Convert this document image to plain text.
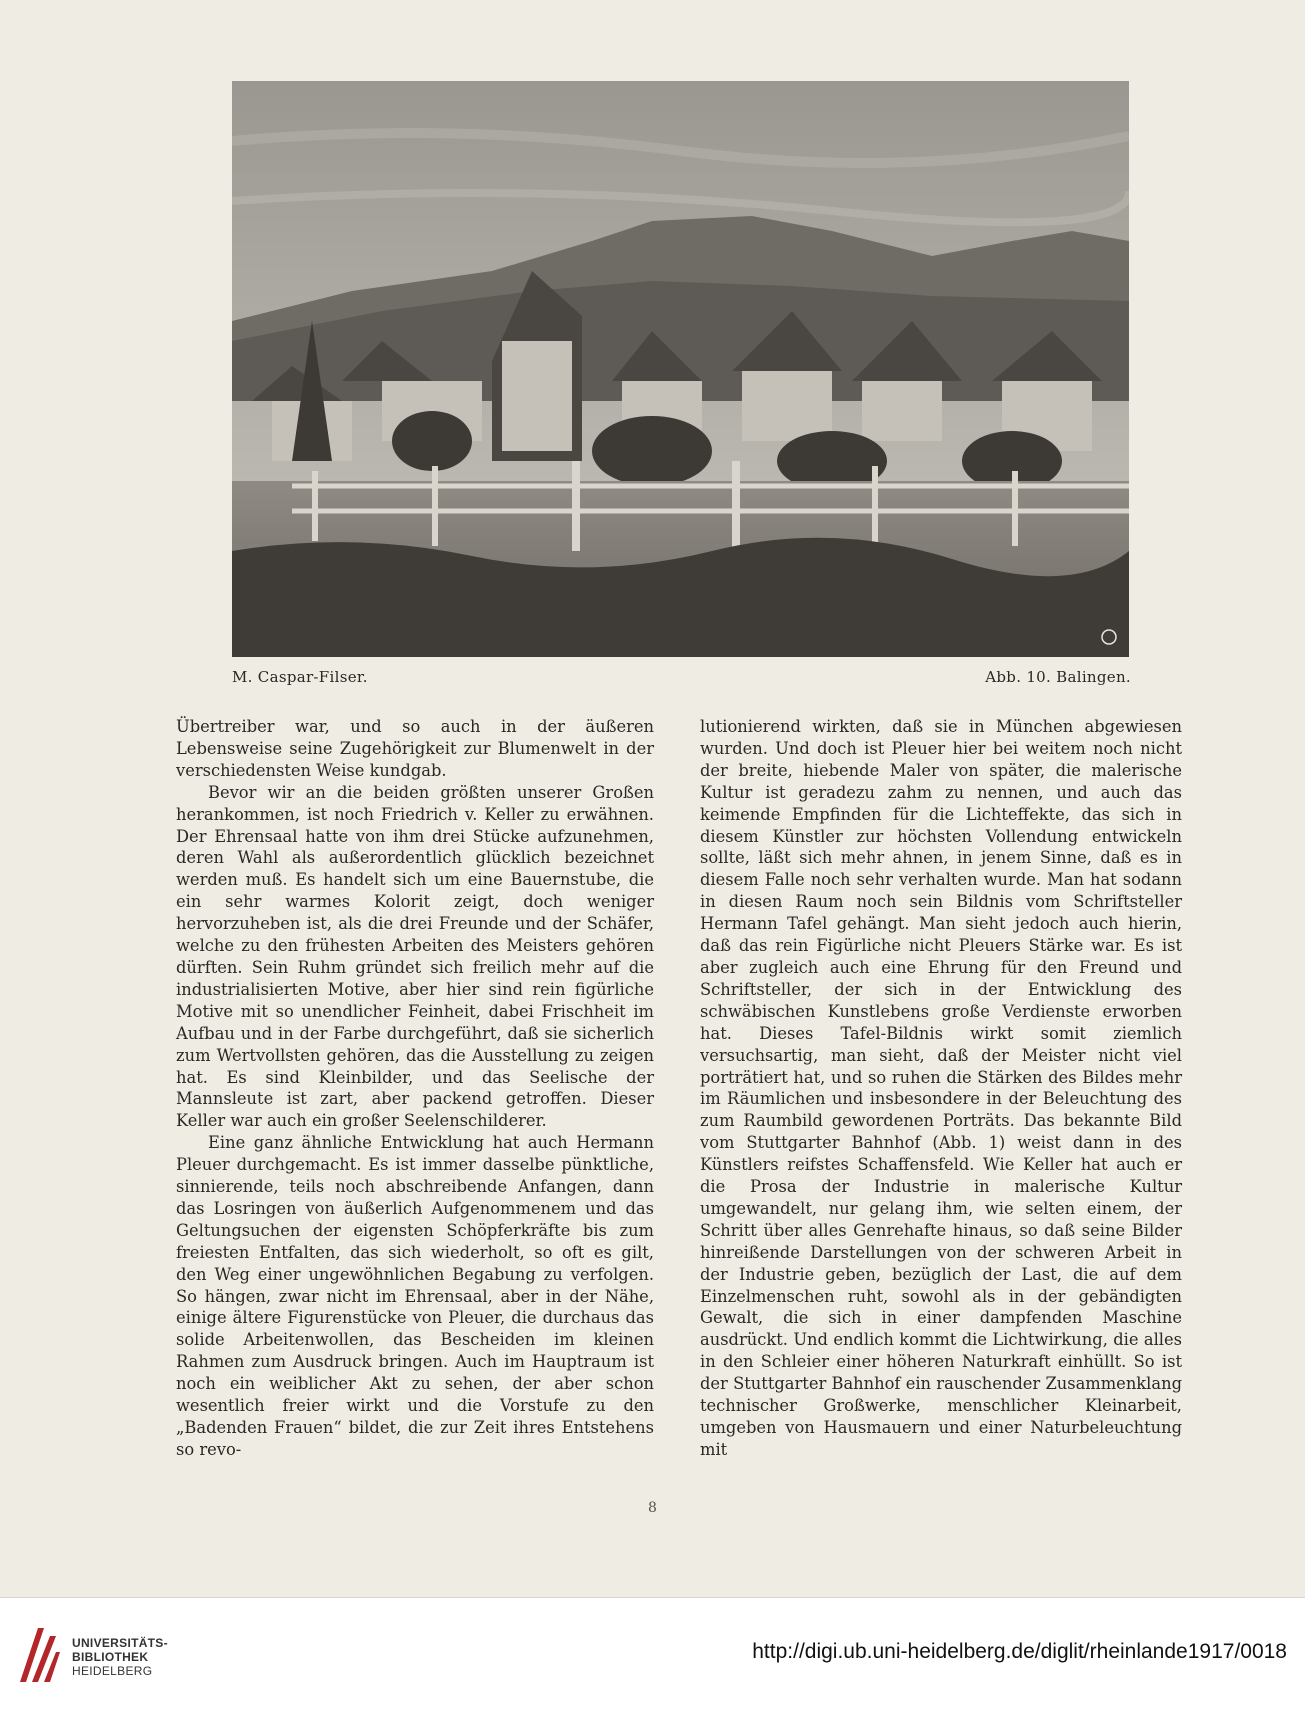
M. Caspar-Filser.	Abb. 10. Balingen.

Übertreiber war, und so auch in der äußeren Lebensweise seine Zugehörigkeit zur Blumenwelt in der verschiedensten Weise kundgab.

Bevor wir an die beiden größten unserer Großen herankommen, ist noch Friedrich v. Keller zu erwähnen. Der Ehrensaal hatte von ihm drei Stücke aufzunehmen, deren Wahl als außerordentlich glücklich bezeichnet werden muß. Es handelt sich um eine Bauernstube, die ein sehr warmes Kolorit zeigt, doch weniger hervorzuheben ist, als die drei Freunde und der Schäfer, welche zu den frühesten Arbeiten des Meisters gehören dürften. Sein Ruhm gründet sich freilich mehr auf die industrialisierten Motive, aber hier sind rein figürliche Motive mit so unendlicher Feinheit, dabei Frischheit im Aufbau und in der Farbe durchgeführt, daß sie sicherlich zum Wertvollsten gehören, das die Ausstellung zu zeigen hat. Es sind Kleinbilder, und das Seelische der Mannsleute ist zart, aber packend getroffen. Dieser Keller war auch ein großer Seelenschilderer.

Eine ganz ähnliche Entwicklung hat auch Hermann Pleuer durchgemacht. Es ist immer dasselbe pünktliche, sinnierende, teils noch abschreibende Anfangen, dann das Losringen von äußerlich Aufgenommenem und das Geltungsuchen der eigensten Schöpferkräfte bis zum freiesten Entfalten, das sich wiederholt, so oft es gilt, den Weg einer ungewöhnlichen Begabung zu verfolgen. So hängen, zwar nicht im Ehrensaal, aber in der Nähe, einige ältere Figurenstücke von Pleuer, die durchaus das solide Arbeitenwollen, das Bescheiden im kleinen Rahmen zum Ausdruck bringen. Auch im Hauptraum ist noch ein weiblicher Akt zu sehen, der aber schon wesentlich freier wirkt und die Vorstufe zu den „Badenden Frauen“ bildet, die zur Zeit ihres Entstehens so revo-

lutionierend wirkten, daß sie in München abgewiesen wurden. Und doch ist Pleuer hier bei weitem noch nicht der breite, hiebende Maler von später, die malerische Kultur ist geradezu zahm zu nennen, und auch das keimende Empfinden für die Lichteffekte, das sich in diesem Künstler zur höchsten Vollendung entwickeln sollte, läßt sich mehr ahnen, in jenem Sinne, daß es in diesem Falle noch sehr verhalten wurde. Man hat sodann in diesen Raum noch sein Bildnis vom Schriftsteller Hermann Tafel gehängt. Man sieht jedoch auch hierin, daß das rein Figürliche nicht Pleuers Stärke war. Es ist aber zugleich auch eine Ehrung für den Freund und Schriftsteller, der sich in der Entwicklung des schwäbischen Kunstlebens große Verdienste erworben hat. Dieses Tafel-Bildnis wirkt somit ziemlich versuchsartig, man sieht, daß der Meister nicht viel porträtiert hat, und so ruhen die Stärken des Bildes mehr im Räumlichen und insbesondere in der Beleuchtung des zum Raumbild gewordenen Porträts. Das bekannte Bild vom Stuttgarter Bahnhof (Abb. 1) weist dann in des Künstlers reifstes Schaffensfeld. Wie Keller hat auch er die Prosa der Industrie in malerische Kultur umgewandelt, nur gelang ihm, wie selten einem, der Schritt über alles Genrehafte hinaus, so daß seine Bilder hinreißende Darstellungen von der schweren Arbeit in der Industrie geben, bezüglich der Last, die auf dem Einzelmenschen ruht, sowohl als in der gebändigten Gewalt, die sich in einer dampfenden Maschine ausdrückt. Und endlich kommt die Lichtwirkung, die alles in den Schleier einer höheren Naturkraft einhüllt. So ist der Stuttgarter Bahnhof ein rauschender Zusammenklang technischer Großwerke, menschlicher Kleinarbeit, umgeben von Hausmauern und einer Naturbeleuchtung mit

8
UNIVERSITÄTS-
BIBLIOTHEK
HEIDELBERG
http://digi.ub.uni-heidelberg.de/diglit/rheinlande1917/0018
